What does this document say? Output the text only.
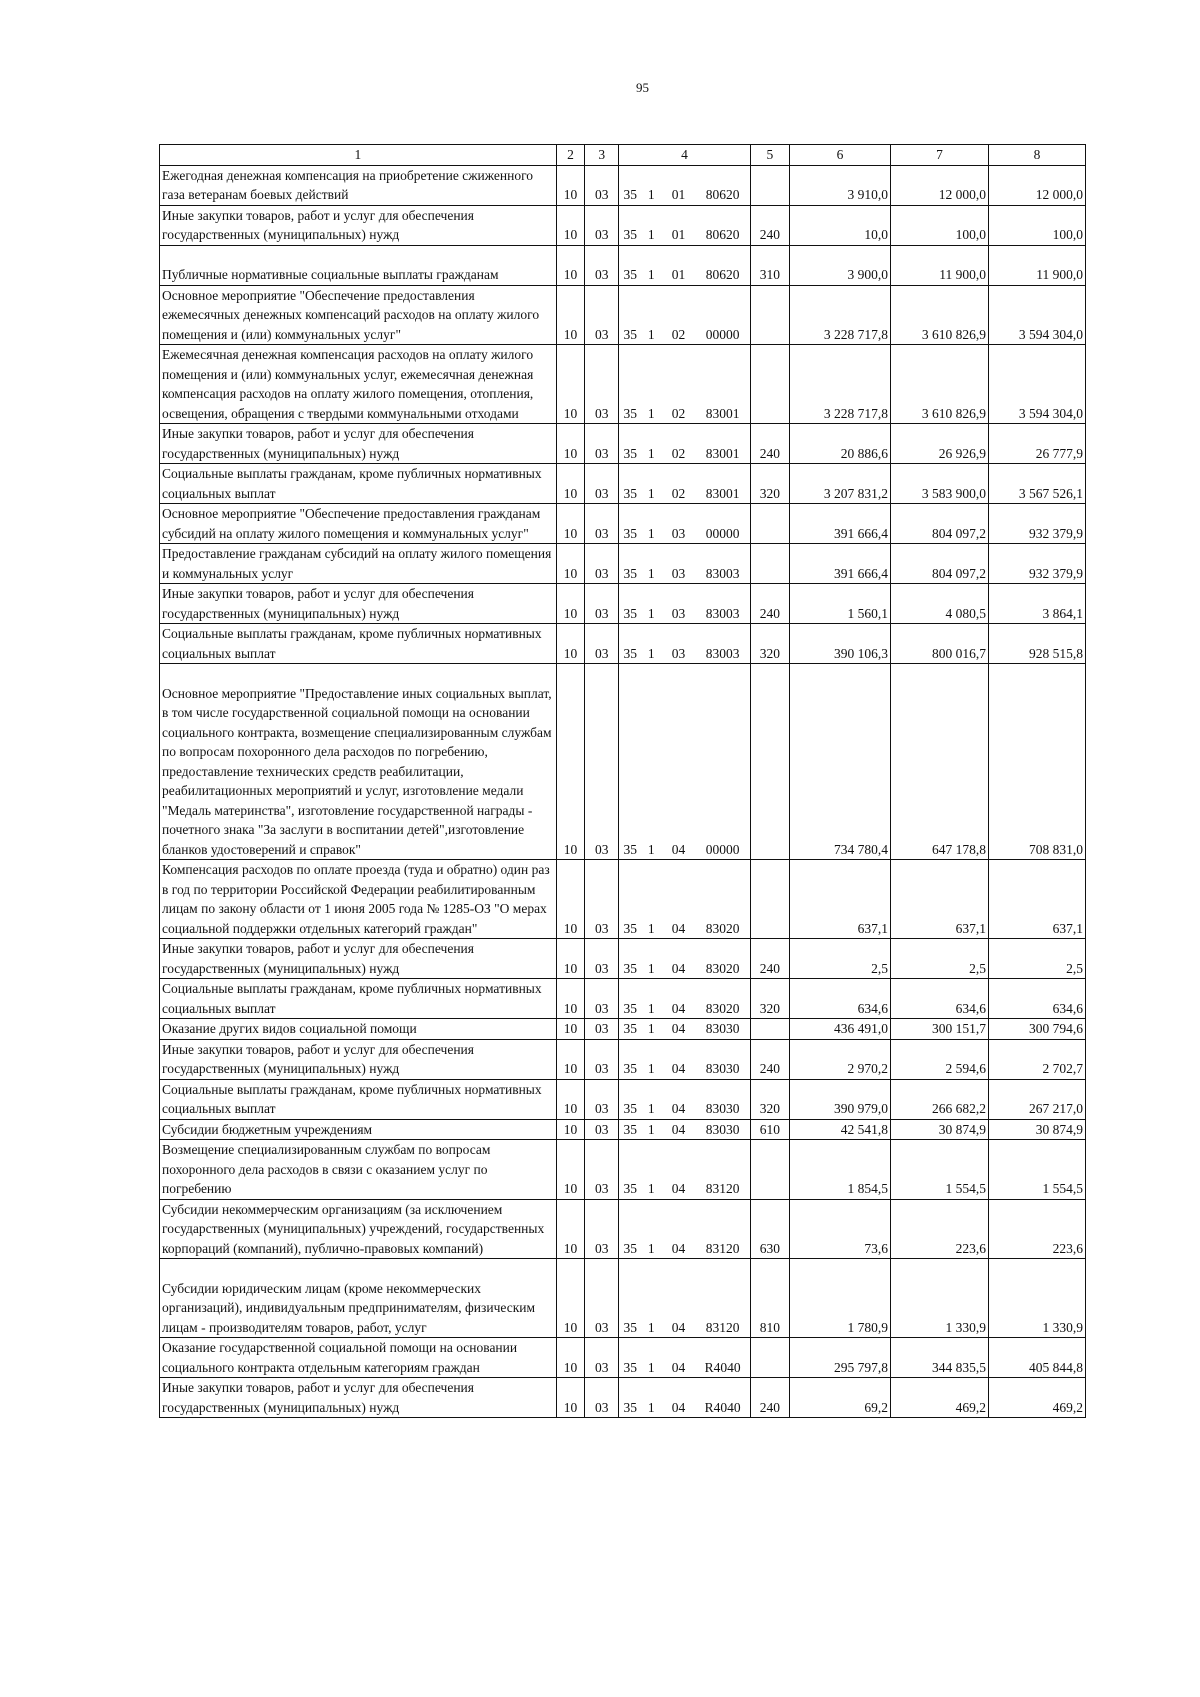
95
1	2	3	4				5	6	7	8
Ежегодная денежная компенсация на приобретение сжиженного газа ветеранам боевых действий	10	03	35	1	01	80620		3 910,0	12 000,0	12 000,0
Иные закупки товаров, работ и услуг для обеспечения государственных (муниципальных) нужд	10	03	35	1	01	80620	240	10,0	100,0	100,0

Публичные нормативные социальные выплаты гражданам	10	03	35	1	01	80620	310	3 900,0	11 900,0	11 900,0
Основное мероприятие "Обеспечение предоставления ежемесячных денежных компенсаций расходов на оплату жилого помещения и (или) коммунальных услуг"	10	03	35	1	02	00000		3 228 717,8	3 610 826,9	3 594 304,0
Ежемесячная денежная компенсация расходов на оплату жилого помещения и (или) коммунальных услуг, ежемесячная денежная компенсация расходов на оплату жилого помещения, отопления, освещения, обращения с твердыми коммунальными отходами	10	03	35	1	02	83001		3 228 717,8	3 610 826,9	3 594 304,0
Иные закупки товаров, работ и услуг для обеспечения государственных (муниципальных) нужд	10	03	35	1	02	83001	240	20 886,6	26 926,9	26 777,9
Социальные выплаты гражданам, кроме публичных нормативных социальных выплат	10	03	35	1	02	83001	320	3 207 831,2	3 583 900,0	3 567 526,1
Основное мероприятие "Обеспечение предоставления гражданам субсидий на оплату жилого помещения и коммунальных услуг"	10	03	35	1	03	00000		391 666,4	804 097,2	932 379,9
Предоставление гражданам субсидий на оплату жилого помещения и коммунальных услуг	10	03	35	1	03	83003		391 666,4	804 097,2	932 379,9
Иные закупки товаров, работ и услуг для обеспечения государственных (муниципальных) нужд	10	03	35	1	03	83003	240	1 560,1	4 080,5	3 864,1
Социальные выплаты гражданам, кроме публичных нормативных социальных выплат	10	03	35	1	03	83003	320	390 106,3	800 016,7	928 515,8

Основное мероприятие "Предоставление иных социальных выплат, в том числе государственной социальной помощи на основании социального контракта, возмещение специализированным службам по вопросам похоронного дела расходов по погребению, предоставление технических средств реабилитации, реабилитационных мероприятий и услуг, изготовление медали "Медаль материнства", изготовление государственной награды - почетного знака "За заслуги в воспитании детей",изготовление бланков удостоверений и справок"	10	03	35	1	04	00000		734 780,4	647 178,8	708 831,0
Компенсация расходов по оплате проезда (туда и обратно) один раз в год по территории Российской Федерации реабилитированным лицам по закону области от 1 июня 2005 года № 1285-ОЗ "О мерах социальной поддержки отдельных категорий граждан"	10	03	35	1	04	83020		637,1	637,1	637,1
Иные закупки товаров, работ и услуг для обеспечения государственных (муниципальных) нужд	10	03	35	1	04	83020	240	2,5	2,5	2,5
Социальные выплаты гражданам, кроме публичных нормативных социальных выплат	10	03	35	1	04	83020	320	634,6	634,6	634,6
Оказание других видов социальной помощи	10	03	35	1	04	83030		436 491,0	300 151,7	300 794,6
Иные закупки товаров, работ и услуг для обеспечения государственных (муниципальных) нужд	10	03	35	1	04	83030	240	2 970,2	2 594,6	2 702,7
Социальные выплаты гражданам, кроме публичных нормативных социальных выплат	10	03	35	1	04	83030	320	390 979,0	266 682,2	267 217,0
Субсидии бюджетным учреждениям	10	03	35	1	04	83030	610	42 541,8	30 874,9	30 874,9
Возмещение специализированным службам по вопросам похоронного дела расходов в связи с оказанием услуг по погребению	10	03	35	1	04	83120		1 854,5	1 554,5	1 554,5
Субсидии некоммерческим организациям (за исключением государственных (муниципальных) учреждений, государственных корпораций (компаний), публично-правовых компаний)	10	03	35	1	04	83120	630	73,6	223,6	223,6

Субсидии юридическим лицам (кроме некоммерческих организаций), индивидуальным предпринимателям, физическим лицам - производителям товаров, работ, услуг	10	03	35	1	04	83120	810	1 780,9	1 330,9	1 330,9
Оказание государственной социальной помощи на основании социального контракта отдельным категориям граждан	10	03	35	1	04	R4040		295 797,8	344 835,5	405 844,8
Иные закупки товаров, работ и услуг для обеспечения государственных (муниципальных) нужд	10	03	35	1	04	R4040	240	69,2	469,2	469,2
